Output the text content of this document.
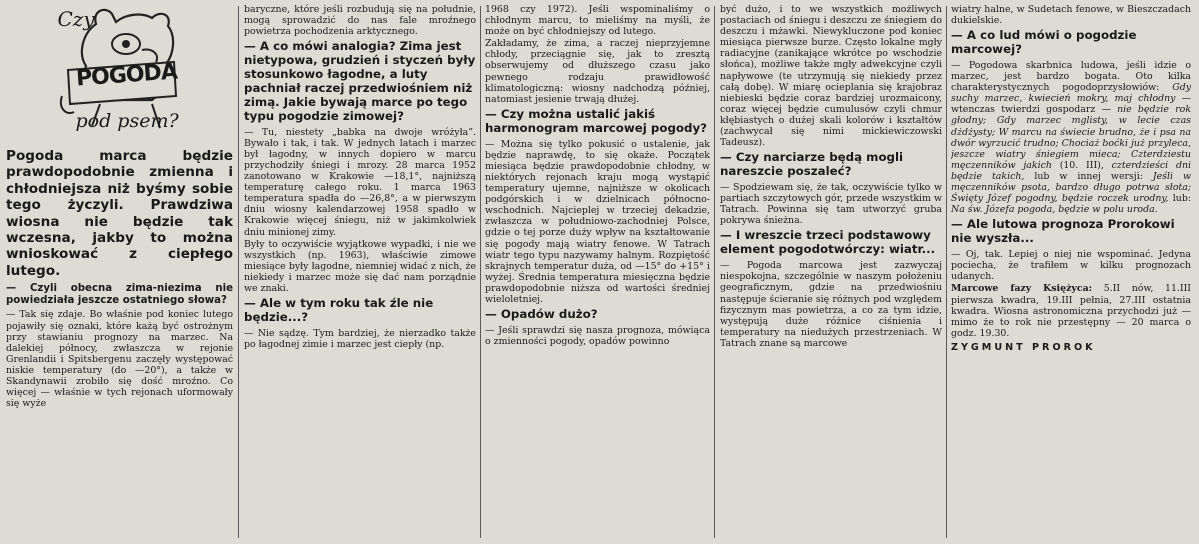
Czy
POGODA
pod psem?

Pogoda marca będzie prawdopodobnie zmienna i chłodniejsza niż byśmy sobie tego życzyli. Prawdziwa wiosna nie będzie tak wczesna, jakby to można wnioskować z ciepłego lutego.

— Czyli obecna zima-niezima nie powiedziała jeszcze ostatniego słowa?

— Tak się zdaje. Bo właśnie pod koniec lutego pojawiły się oznaki, które każą być ostrożnym przy stawianiu prognozy na marzec. Na dalekiej północy, zwłaszcza w rejonie Grenlandii i Spitsbergenu zaczęły występować niskie temperatury (do —20°), a także w Skandynawii zrobiło się dość mroźno. Co więcej — właśnie w tych rejonach uformowały się wyże

baryczne, które jeśli rozbudują się na południe, mogą sprowadzić do nas fale mroźnego powietrza pochodzenia arktycznego.

— A co mówi analogia? Zima jest nietypowa, grudzień i styczeń były stosunkowo łagodne, a luty pachniał raczej przedwiośniem niż zimą. Jakie bywają marce po tego typu pogodzie zimowej?

— Tu, niestety „babka na dwoje wróżyła”. Bywało i tak, i tak. W jednych latach i marzec był łagodny, w innych dopiero w marcu przychodziły śniegi i mrozy. 28 marca 1952 zanotowano w Krakowie —18,1°, najniższą temperaturę całego roku. 1 marca 1963 temperatura spadła do —26,8°, a w pierwszym dniu wiosny kalendarzowej 1958 spadło w Krakowie więcej śniegu, niż w jakimkolwiek dniu minionej zimy.

Były to oczywiście wyjątkowe wypadki, i nie we wszystkich (np. 1963), właściwie zimowe miesiące były łagodne, niemniej widać z nich, że niekiedy i marzec może się dać nam porządnie we znaki.

— Ale w tym roku tak źle nie będzie...?

— Nie sądzę. Tym bardziej, że nierzadko także po łagodnej zimie i marzec jest ciepły (np.

1968 czy 1972). Jeśli wspominaliśmy o chłodnym marcu, to mieliśmy na myśli, że może on być chłodniejszy od lutego.

Zakładamy, że zima, a raczej nieprzyjemne chłody, przeciągnie się, jak to zresztą obserwujemy od dłuższego czasu jako pewnego rodzaju prawidłowość klimatologiczną: wiosny nadchodzą później, natomiast jesienie trwają dłużej.

— Czy można ustalić jakiś harmonogram marcowej pogody?

— Można się tylko pokusić o ustalenie, jak będzie naprawdę, to się okaże. Początek miesiąca będzie prawdopodobnie chłodny, w niektórych rejonach kraju mogą wystąpić temperatury ujemne, najniższe w okolicach podgórskich i w dzielnicach północno-wschodnich. Najcieplej w trzeciej dekadzie, zwłaszcza w południowo-zachodniej Polsce, gdzie o tej porze duży wpływ na kształtowanie się pogody mają wiatry fenowe. W Tatrach wiatr tego typu nazywamy halnym. Rozpiętość skrajnych temperatur duża, od —15° do +15° i wyżej. Średnia temperatura miesięczna będzie prawdopodobnie niższa od wartości średniej wieloletniej.

— Opadów dużo?

— Jeśli sprawdzi się nasza prognoza, mówiąca o zmienności pogody, opadów powinno

być dużo, i to we wszystkich możliwych postaciach od śniegu i deszczu ze śniegiem do deszczu i mżawki. Niewykluczone pod koniec miesiąca pierwsze burze. Często lokalne mgły radiacyjne (zanikające wkrótce po wschodzie słońca), możliwe także mgły adwekcyjne czyli napływowe (te utrzymują się niekiedy przez całą dobę). W miarę ocieplania się krajobraz niebieski będzie coraz bardziej urozmaicony, coraz więcej będzie cumulusów czyli chmur kłębiastych o dużej skali kolorów i kształtów (zachwycał się nimi mickiewiczowski Tadeusz).

— Czy narciarze będą mogli nareszcie poszaleć?

— Spodziewam się, że tak, oczywiście tylko w partiach szczytowych gór, przede wszystkim w Tatrach. Powinna się tam utworzyć gruba pokrywa śnieżna.

— I wreszcie trzeci podstawowy element pogodotwórczy: wiatr...

— Pogoda marcowa jest zazwyczaj niespokojna, szczególnie w naszym położeniu geograficznym, gdzie na przedwiośniu następuje ścieranie się różnych pod względem fizycznym mas powietrza, a co za tym idzie, występują duże różnice ciśnienia i temperatury na niedużych przestrzeniach. W Tatrach znane są marcowe

wiatry halne, w Sudetach fenowe, w Bieszczadach dukielskie.

— A co lud mówi o pogodzie marcowej?

— Pogodowa skarbnica ludowa, jeśli idzie o marzec, jest bardzo bogata. Oto kilka charakterystycznych pogodoprzysłowiów: Gdy suchy marzec, kwiecień mokry, maj chłodny — wtenczas twierdzi gospodarz — nie będzie rok głodny; Gdy marzec mglisty, w lecie czas dżdżysty; W marcu na świecie brudno, że i psa na dwór wyrzucić trudno; Chociaż boćki już przyleca, jeszcze wiatry śniegiem mieca; Czterdziestu męczenników jakich (10. III), czterdzieści dni będzie takich, lub w innej wersji: Jeśli w męczenników psota, bardzo długo potrwa słota; Święty Józef pogodny, będzie roczek urodny, lub: Na św. Józefa pogoda, będzie w polu uroda.

— Ale lutowa prognoza Prorokowi nie wyszła...

— Oj, tak. Lepiej o niej nie wspominać. Jedyna pociecha, że trafiłem w kilku prognozach udanych.

Marcowe fazy Księżyca: 5.II nów, 11.III pierwsza kwadra, 19.III pełnia, 27.III ostatnia kwadra. Wiosna astronomiczna przychodzi już — mimo że to rok nie przestępny — 20 marca o godz. 19.30.

ZYGMUNT PROROK
